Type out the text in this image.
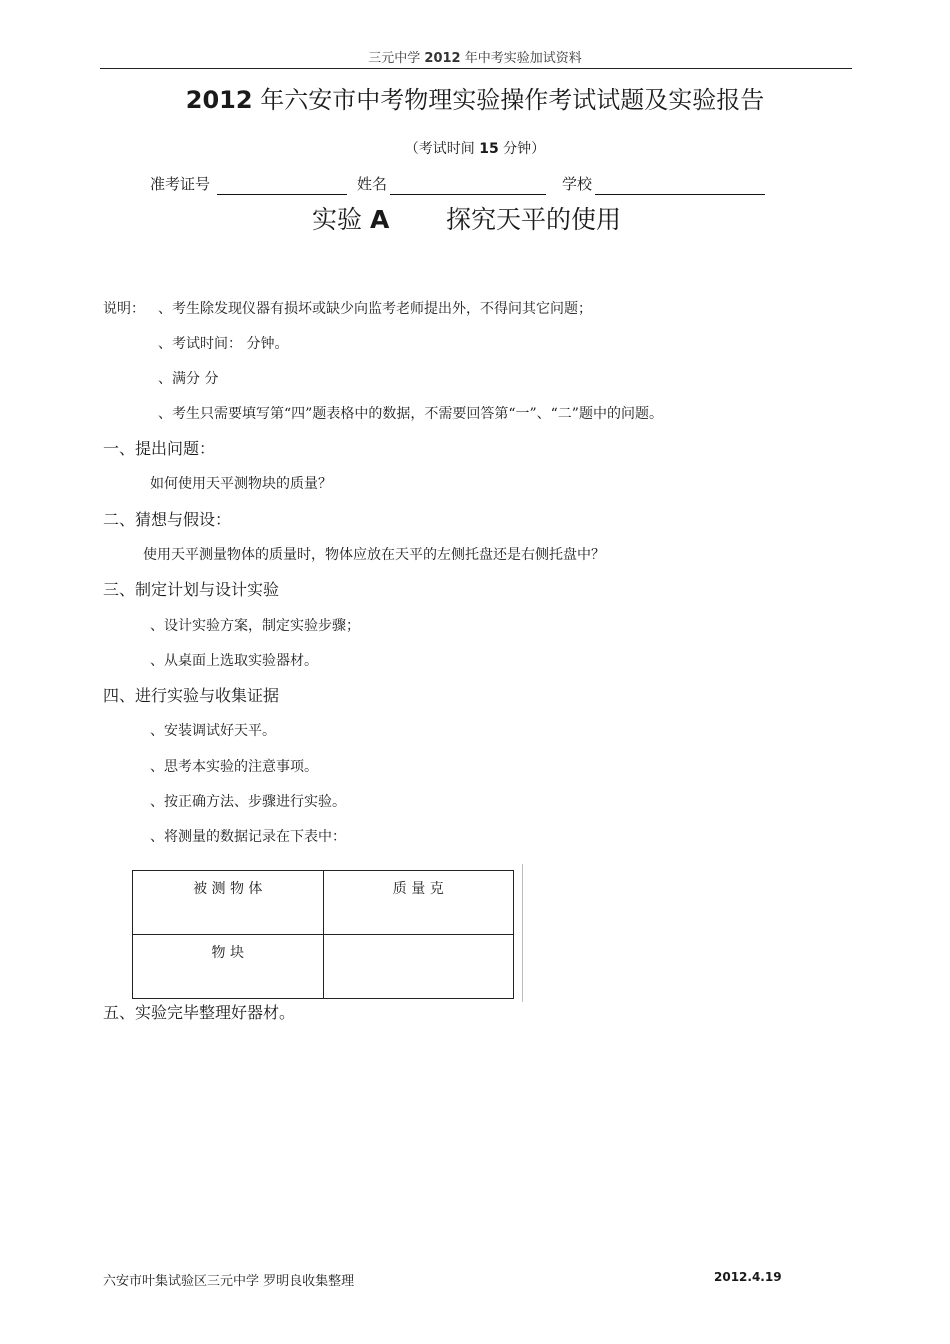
三元中学 2012 年中考实验加试资料
2012 年六安市中考物理实验操作考试试题及实验报告
（考试时间 15 分钟）
准考证号	姓名	学校
实验 A 探究天平的使用
说明： 、考生除发现仪器有损坏或缺少向监考老师提出外，不得问其它问题；
、考试时间： 分钟。
、满分 分
、考生只需要填写第“四”题表格中的数据，不需要回答第“一”、“二”题中的问题。
一、提出问题：
如何使用天平测物块的质量？
二、猜想与假设：
使用天平测量物体的质量时，物体应放在天平的左侧托盘还是右侧托盘中？
三、制定计划与设计实验
、设计实验方案，制定实验步骤；
、从桌面上选取实验器材。
四、进行实验与收集证据
、安装调试好天平。
、思考本实验的注意事项。
、按正确方法、步骤进行实验。
、将测量的数据记录在下表中：
被 测 物 体	质 量 克
物 块	
五、实验完毕整理好器材。
六安市叶集试验区三元中学 罗明良收集整理	2012.4.19
